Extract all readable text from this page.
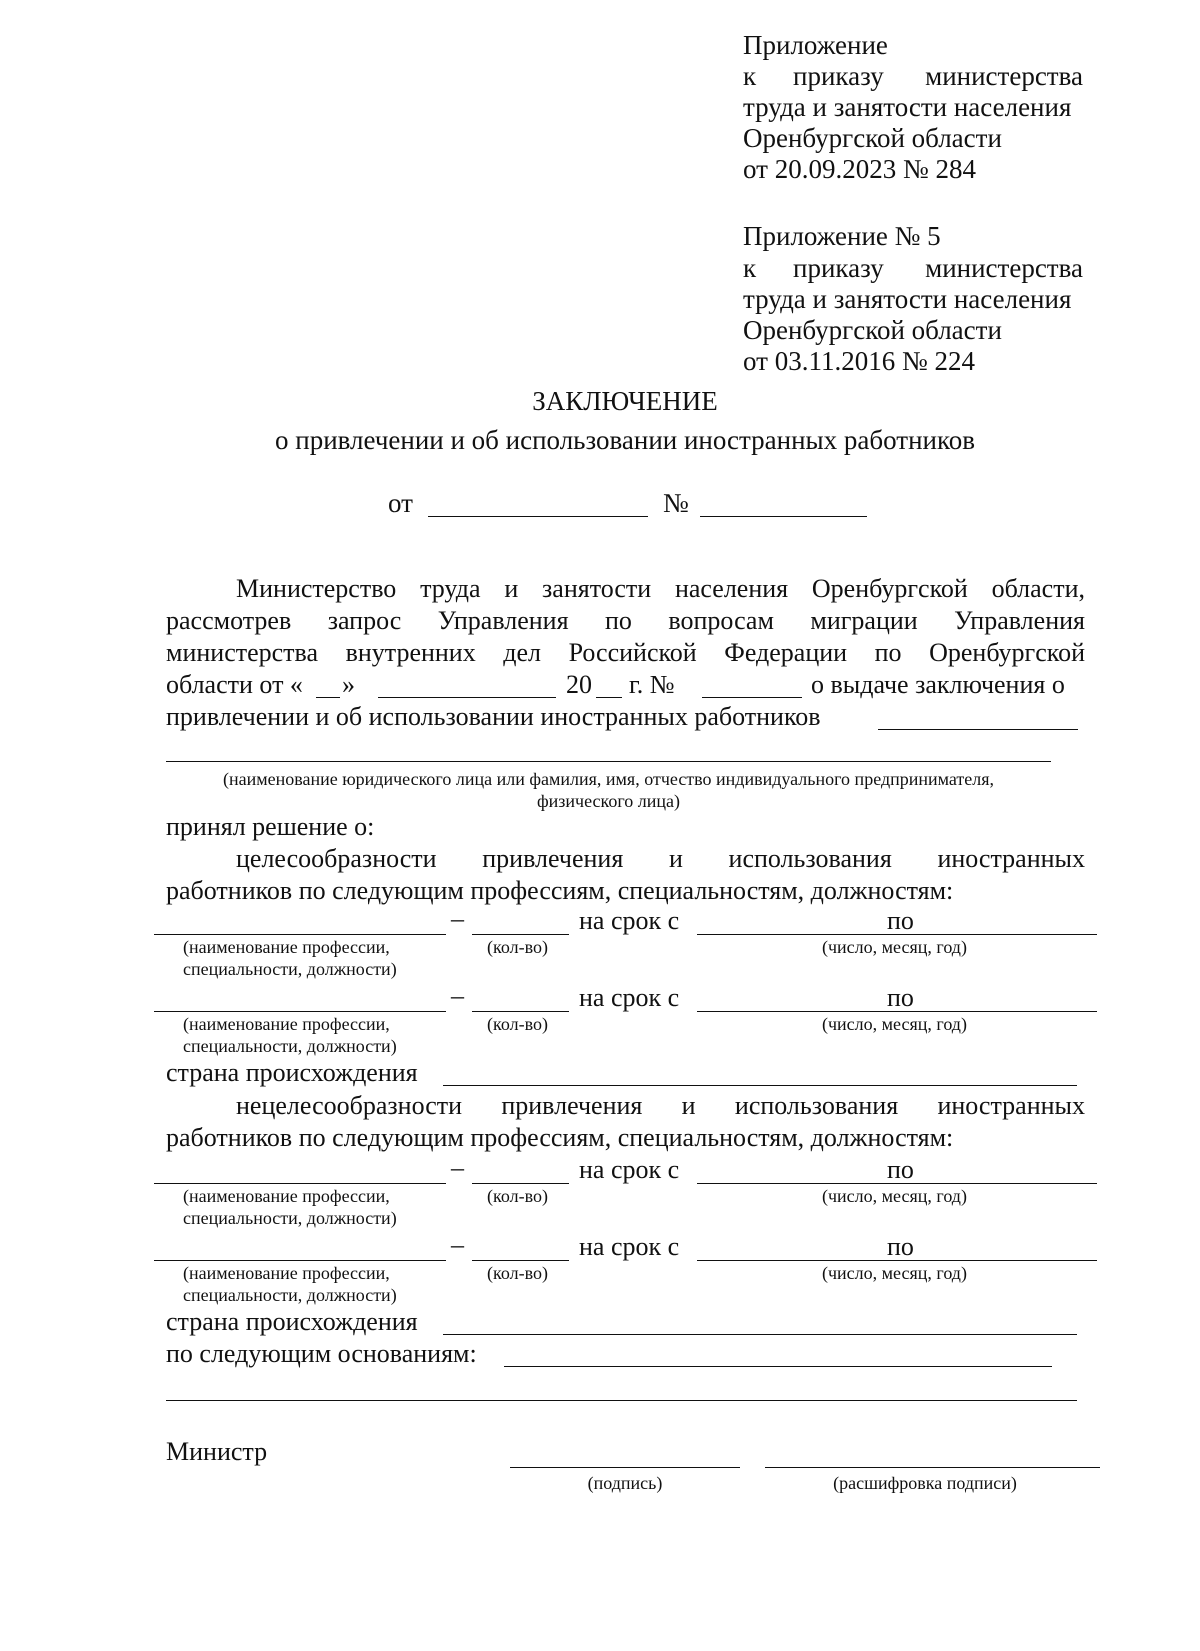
Приложение
к приказу министерства
труда и занятости населения
Оренбургской области
от 20.09.2023 № 284
Приложение № 5
к приказу министерства
труда и занятости населения
Оренбургской области
от 03.11.2016 № 224
ЗАКЛЮЧЕНИЕ
о привлечении и об использовании иностранных работников
от	№
Министерство труда и занятости населения Оренбургской области,
рассмотрев запрос Управления по вопросам миграции Управления
министерства внутренних дел Российской Федерации по Оренбургской
области от « »	20 г. №	о выдаче заключения о
привлечении и об использовании иностранных работников
(наименование юридического лица или фамилия, имя, отчество индивидуального предпринимателя,
физического лица)
принял решение о:
целесообразности привлечения и использования иностранных
работников по следующим профессиям, специальностям, должностям:
–	на срок с	по
(наименование профессии,
специальности, должности)
(кол-во)	(число, месяц, год)
–	на срок с	по
(наименование профессии,
специальности, должности)
(кол-во)	(число, месяц, год)
страна происхождения
нецелесообразности привлечения и использования иностранных
работников по следующим профессиям, специальностям, должностям:
–	на срок с	по
(наименование профессии,
специальности, должности)
(кол-во)	(число, месяц, год)
–	на срок с	по
(наименование профессии,
специальности, должности)
(кол-во)	(число, месяц, год)
страна происхождения
по следующим основаниям:
Министр
(подпись)	(расшифровка подписи)
